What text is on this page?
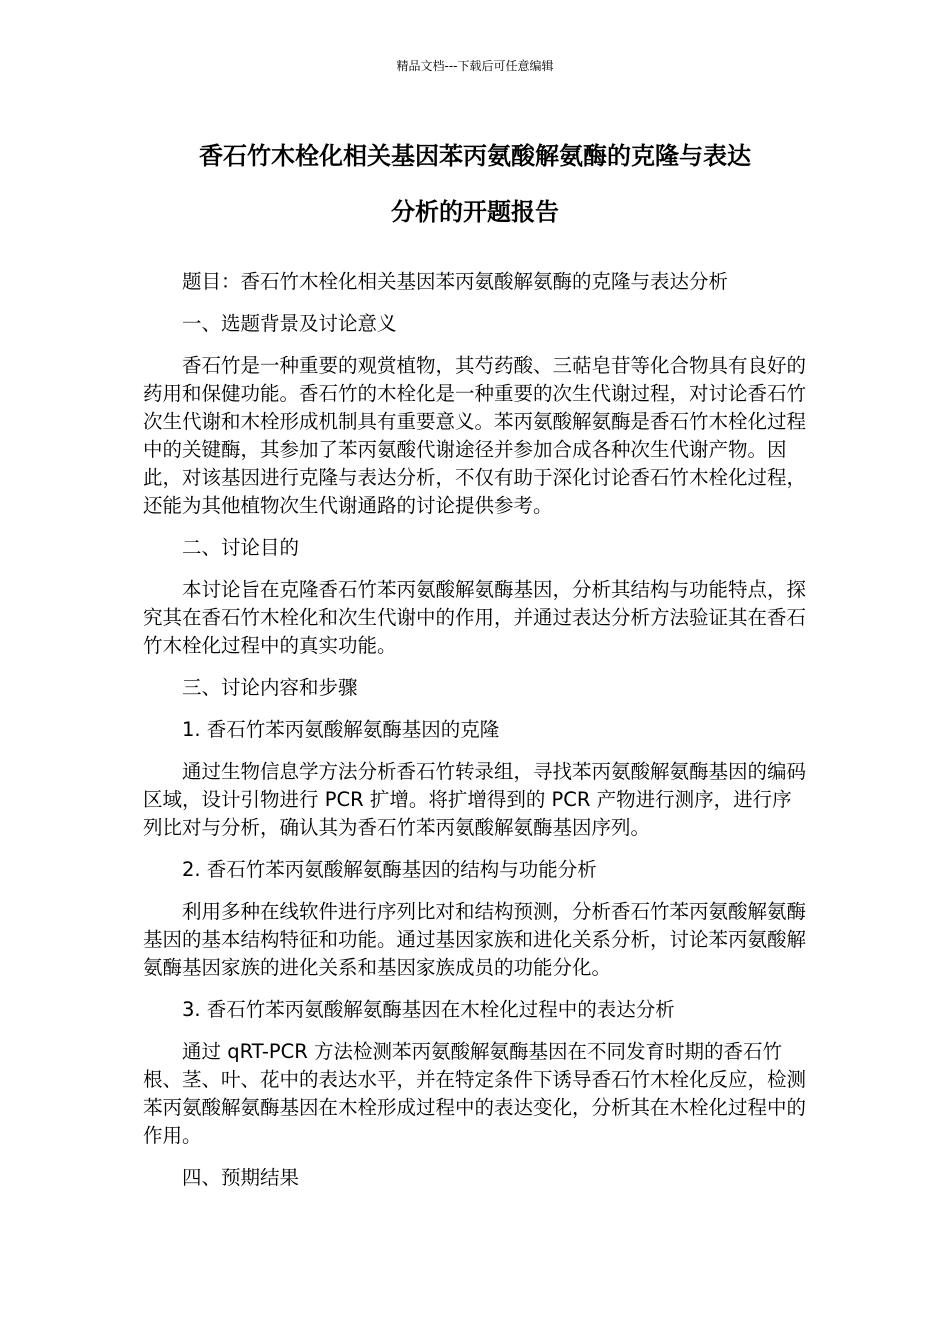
精品文档---下载后可任意编辑
香石竹木栓化相关基因苯丙氨酸解氨酶的克隆与表达
分析的开题报告

题目：香石竹木栓化相关基因苯丙氨酸解氨酶的克隆与表达分析

一、选题背景及讨论意义

香石竹是一种重要的观赏植物，其芍药酸、三萜皂苷等化合物具有良好的药用和保健功能。香石竹的木栓化是一种重要的次生代谢过程，对讨论香石竹次生代谢和木栓形成机制具有重要意义。苯丙氨酸解氨酶是香石竹木栓化过程中的关键酶，其参加了苯丙氨酸代谢途径并参加合成各种次生代谢产物。因此，对该基因进行克隆与表达分析，不仅有助于深化讨论香石竹木栓化过程，还能为其他植物次生代谢通路的讨论提供参考。

二、讨论目的

本讨论旨在克隆香石竹苯丙氨酸解氨酶基因，分析其结构与功能特点，探究其在香石竹木栓化和次生代谢中的作用，并通过表达分析方法验证其在香石竹木栓化过程中的真实功能。

三、讨论内容和步骤

1. 香石竹苯丙氨酸解氨酶基因的克隆

通过生物信息学方法分析香石竹转录组，寻找苯丙氨酸解氨酶基因的编码区域，设计引物进行 PCR 扩增。将扩增得到的 PCR 产物进行测序，进行序列比对与分析，确认其为香石竹苯丙氨酸解氨酶基因序列。

2. 香石竹苯丙氨酸解氨酶基因的结构与功能分析

利用多种在线软件进行序列比对和结构预测，分析香石竹苯丙氨酸解氨酶基因的基本结构特征和功能。通过基因家族和进化关系分析，讨论苯丙氨酸解氨酶基因家族的进化关系和基因家族成员的功能分化。

3. 香石竹苯丙氨酸解氨酶基因在木栓化过程中的表达分析

通过 qRT-PCR 方法检测苯丙氨酸解氨酶基因在不同发育时期的香石竹根、茎、叶、花中的表达水平，并在特定条件下诱导香石竹木栓化反应，检测苯丙氨酸解氨酶基因在木栓形成过程中的表达变化，分析其在木栓化过程中的作用。

四、预期结果
